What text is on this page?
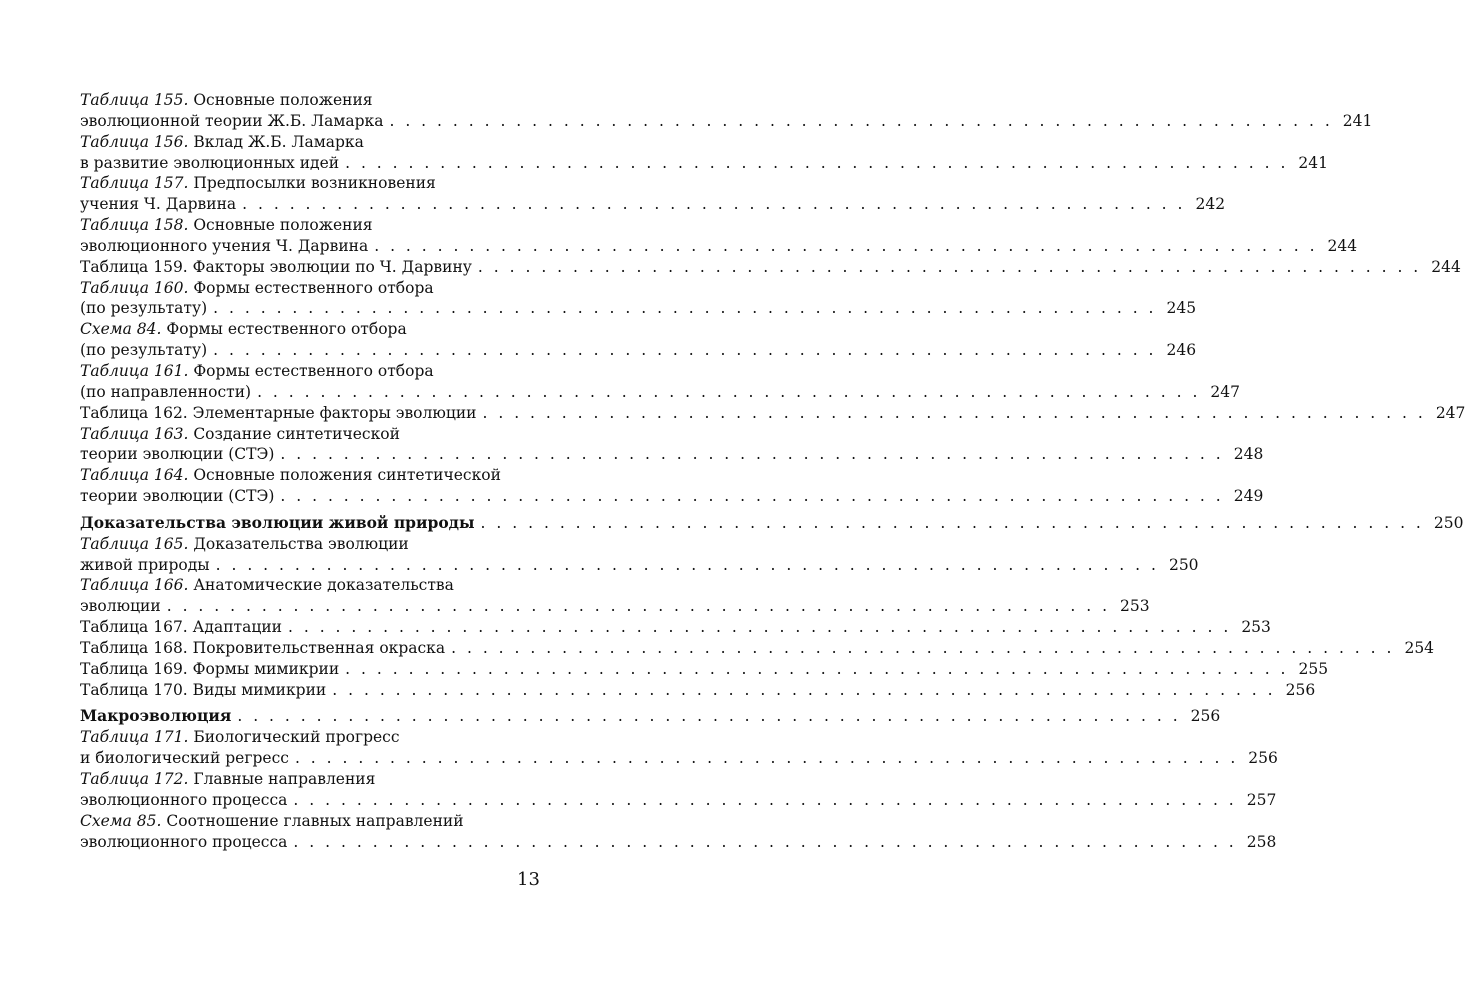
Таблица 155. Основные положения
эволюционной теории Ж.Б. Ламарка . . . . . . . . . . . . . . . . . . . . . . . . . . . . . . . . . . . . . . . . . . . . . . . . . . . . . . . . . . . . 241
Таблица 156. Вклад Ж.Б. Ламарка
в развитие эволюционных идей . . . . . . . . . . . . . . . . . . . . . . . . . . . . . . . . . . . . . . . . . . . . . . . . . . . . . . . . . . . . 241
Таблица 157. Предпосылки возникновения
учения Ч. Дарвина . . . . . . . . . . . . . . . . . . . . . . . . . . . . . . . . . . . . . . . . . . . . . . . . . . . . . . . . . . . . 242
Таблица 158. Основные положения
эволюционного учения Ч. Дарвина . . . . . . . . . . . . . . . . . . . . . . . . . . . . . . . . . . . . . . . . . . . . . . . . . . . . . . . . . . . . 244
Таблица 159. Факторы эволюции по Ч. Дарвину . . . . . . . . . . . . . . . . . . . . . . . . . . . . . . . . . . . . . . . . . . . . . . . . . . . . . . . . . . . . 244
Таблица 160. Формы естественного отбора
(по результату) . . . . . . . . . . . . . . . . . . . . . . . . . . . . . . . . . . . . . . . . . . . . . . . . . . . . . . . . . . . . 245
Схема 84. Формы естественного отбора
(по результату) . . . . . . . . . . . . . . . . . . . . . . . . . . . . . . . . . . . . . . . . . . . . . . . . . . . . . . . . . . . . 246
Таблица 161. Формы естественного отбора
(по направленности) . . . . . . . . . . . . . . . . . . . . . . . . . . . . . . . . . . . . . . . . . . . . . . . . . . . . . . . . . . . . 247
Таблица 162. Элементарные факторы эволюции . . . . . . . . . . . . . . . . . . . . . . . . . . . . . . . . . . . . . . . . . . . . . . . . . . . . . . . . . . . . 247
Таблица 163. Создание синтетической
теории эволюции (СТЭ) . . . . . . . . . . . . . . . . . . . . . . . . . . . . . . . . . . . . . . . . . . . . . . . . . . . . . . . . . . . . 248
Таблица 164. Основные положения синтетической
теории эволюции (СТЭ) . . . . . . . . . . . . . . . . . . . . . . . . . . . . . . . . . . . . . . . . . . . . . . . . . . . . . . . . . . . . 249
Доказательства эволюции живой природы . . . . . . . . . . . . . . . . . . . . . . . . . . . . . . . . . . . . . . . . . . . . . . . . . . . . . . . . . . . . 250
Таблица 165. Доказательства эволюции
живой природы . . . . . . . . . . . . . . . . . . . . . . . . . . . . . . . . . . . . . . . . . . . . . . . . . . . . . . . . . . . . 250
Таблица 166. Анатомические доказательства
эволюции . . . . . . . . . . . . . . . . . . . . . . . . . . . . . . . . . . . . . . . . . . . . . . . . . . . . . . . . . . . . 253
Таблица 167. Адаптации . . . . . . . . . . . . . . . . . . . . . . . . . . . . . . . . . . . . . . . . . . . . . . . . . . . . . . . . . . . . 253
Таблица 168. Покровительственная окраска . . . . . . . . . . . . . . . . . . . . . . . . . . . . . . . . . . . . . . . . . . . . . . . . . . . . . . . . . . . . 254
Таблица 169. Формы мимикрии . . . . . . . . . . . . . . . . . . . . . . . . . . . . . . . . . . . . . . . . . . . . . . . . . . . . . . . . . . . . 255
Таблица 170. Виды мимикрии . . . . . . . . . . . . . . . . . . . . . . . . . . . . . . . . . . . . . . . . . . . . . . . . . . . . . . . . . . . . 256
Макроэволюция . . . . . . . . . . . . . . . . . . . . . . . . . . . . . . . . . . . . . . . . . . . . . . . . . . . . . . . . . . . . 256
Таблица 171. Биологический прогресс
и биологический регресс . . . . . . . . . . . . . . . . . . . . . . . . . . . . . . . . . . . . . . . . . . . . . . . . . . . . . . . . . . . . 256
Таблица 172. Главные направления
эволюционного процесса . . . . . . . . . . . . . . . . . . . . . . . . . . . . . . . . . . . . . . . . . . . . . . . . . . . . . . . . . . . . 257
Схема 85. Соотношение главных направлений
эволюционного процесса . . . . . . . . . . . . . . . . . . . . . . . . . . . . . . . . . . . . . . . . . . . . . . . . . . . . . . . . . . . . 258
13
